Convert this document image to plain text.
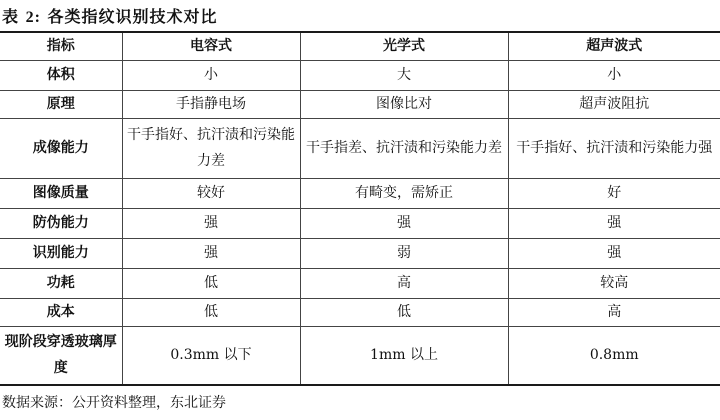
表 2: 各类指纹识别技术对比
指标	电容式	光学式	超声波式
体积	小	大	小
原理	手指静电场	图像比对	超声波阻抗
成像能力	干手指好、抗汗渍和污染能力差	干手指差、抗汗渍和污染能力差	干手指好、抗汗渍和污染能力强
图像质量	较好	有畸变，需矫正	好
防伪能力	强	强	强
识别能力	强	弱	强
功耗	低	高	较高
成本	低	低	高
现阶段穿透玻璃厚度	0.3mm 以下	1mm 以上	0.8mm
数据来源：公开资料整理，东北证券
